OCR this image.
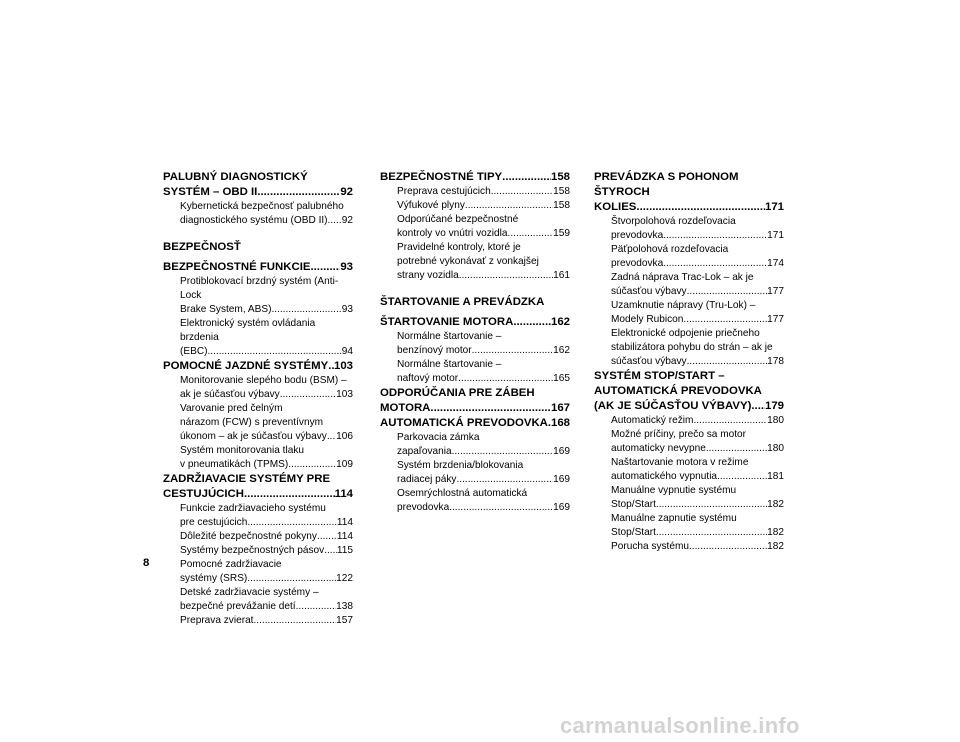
PALUBNÝ DIAGNOSTICKÝ
SYSTÉM – OBD II .....	92
Kybernetická bezpečnosť palubného
diagnostického systému (OBD II) ..... 92
BEZPEČNOSŤ
BEZPEČNOSTNÉ FUNKCIE .....	93
Protiblokovací brzdný systém (Anti-Lock
Brake System, ABS) .....	93
Elektronický systém ovládania brzdenia
(EBC) .....	94
POMOCNÉ JAZDNÉ SYSTÉMY ..... 103
Monitorovanie slepého bodu (BSM) –
ak je súčasťou výbavy .....	103
Varovanie pred čelným
nárazom (FCW) s preventívnym
úkonom – ak je súčasťou výbavy ..... 106
Systém monitorovania tlaku
v pneumatikách (TPMS) .....	109
ZADRŽIAVACIE SYSTÉMY PRE
CESTUJÚCICH .....	114
Funkcie zadržiavacieho systému
pre cestujúcich .....	114
Dôležité bezpečnostné pokyny ..... 114
Systémy bezpečnostných pásov ..... 115
Pomocné zadržiavacie
systémy (SRS) .....	122
Detské zadržiavacie systémy –
bezpečné prevážanie detí .....	138
Preprava zvierat .....	157
BEZPEČNOSTNÉ TIPY .....	158
Preprava cestujúcich .....	158
Výfukové plyny .....	158
Odporúčané bezpečnostné
kontroly vo vnútri vozidla .....	159
Pravidelné kontroly, ktoré je
potrebné vykonávať z vonkajšej
strany vozidla .....	161
ŠTARTOVANIE A PREVÁDZKA
ŠTARTOVANIE MOTORA .....	162
Normálne štartovanie –
benzínový motor .....	162
Normálne štartovanie –
naftový motor .....	165
ODPORÚČANIA PRE ZÁBEH
MOTORA .....	167
AUTOMATICKÁ PREVODOVKA ..... 168
Parkovacia zámka
zapaľovania .....	169
Systém brzdenia/blokovania
radiacej páky .....	169
Osemrýchlostná automatická
prevodovka .....	169
PREVÁDZKA S POHONOM ŠTYROCH
KOLIES .....	171
Štvorpolohová rozdeľovacia
prevodovka .....	171
Päťpolohová rozdeľovacia
prevodovka .....	174
Zadná náprava Trac-Lok – ak je
súčasťou výbavy .....	177
Uzamknutie nápravy (Tru-Lok) –
Modely Rubicon .....	177
Elektronické odpojenie priečneho
stabilizátora pohybu do strán – ak je
súčasťou výbavy .....	178
SYSTÉM STOP/START –
AUTOMATICKÁ PREVODOVKA
(AK JE SÚČASŤOU VÝBAVY) ..... 179
Automatický režim .....	180
Možné príčiny, prečo sa motor
automaticky nevypne .....	180
Naštartovanie motora v režime
automatického vypnutia .....	181
Manuálne vypnutie systému
Stop/Start .....	182
Manuálne zapnutie systému
Stop/Start .....	182
Porucha systému .....	182
8
carmanualsonline.info
